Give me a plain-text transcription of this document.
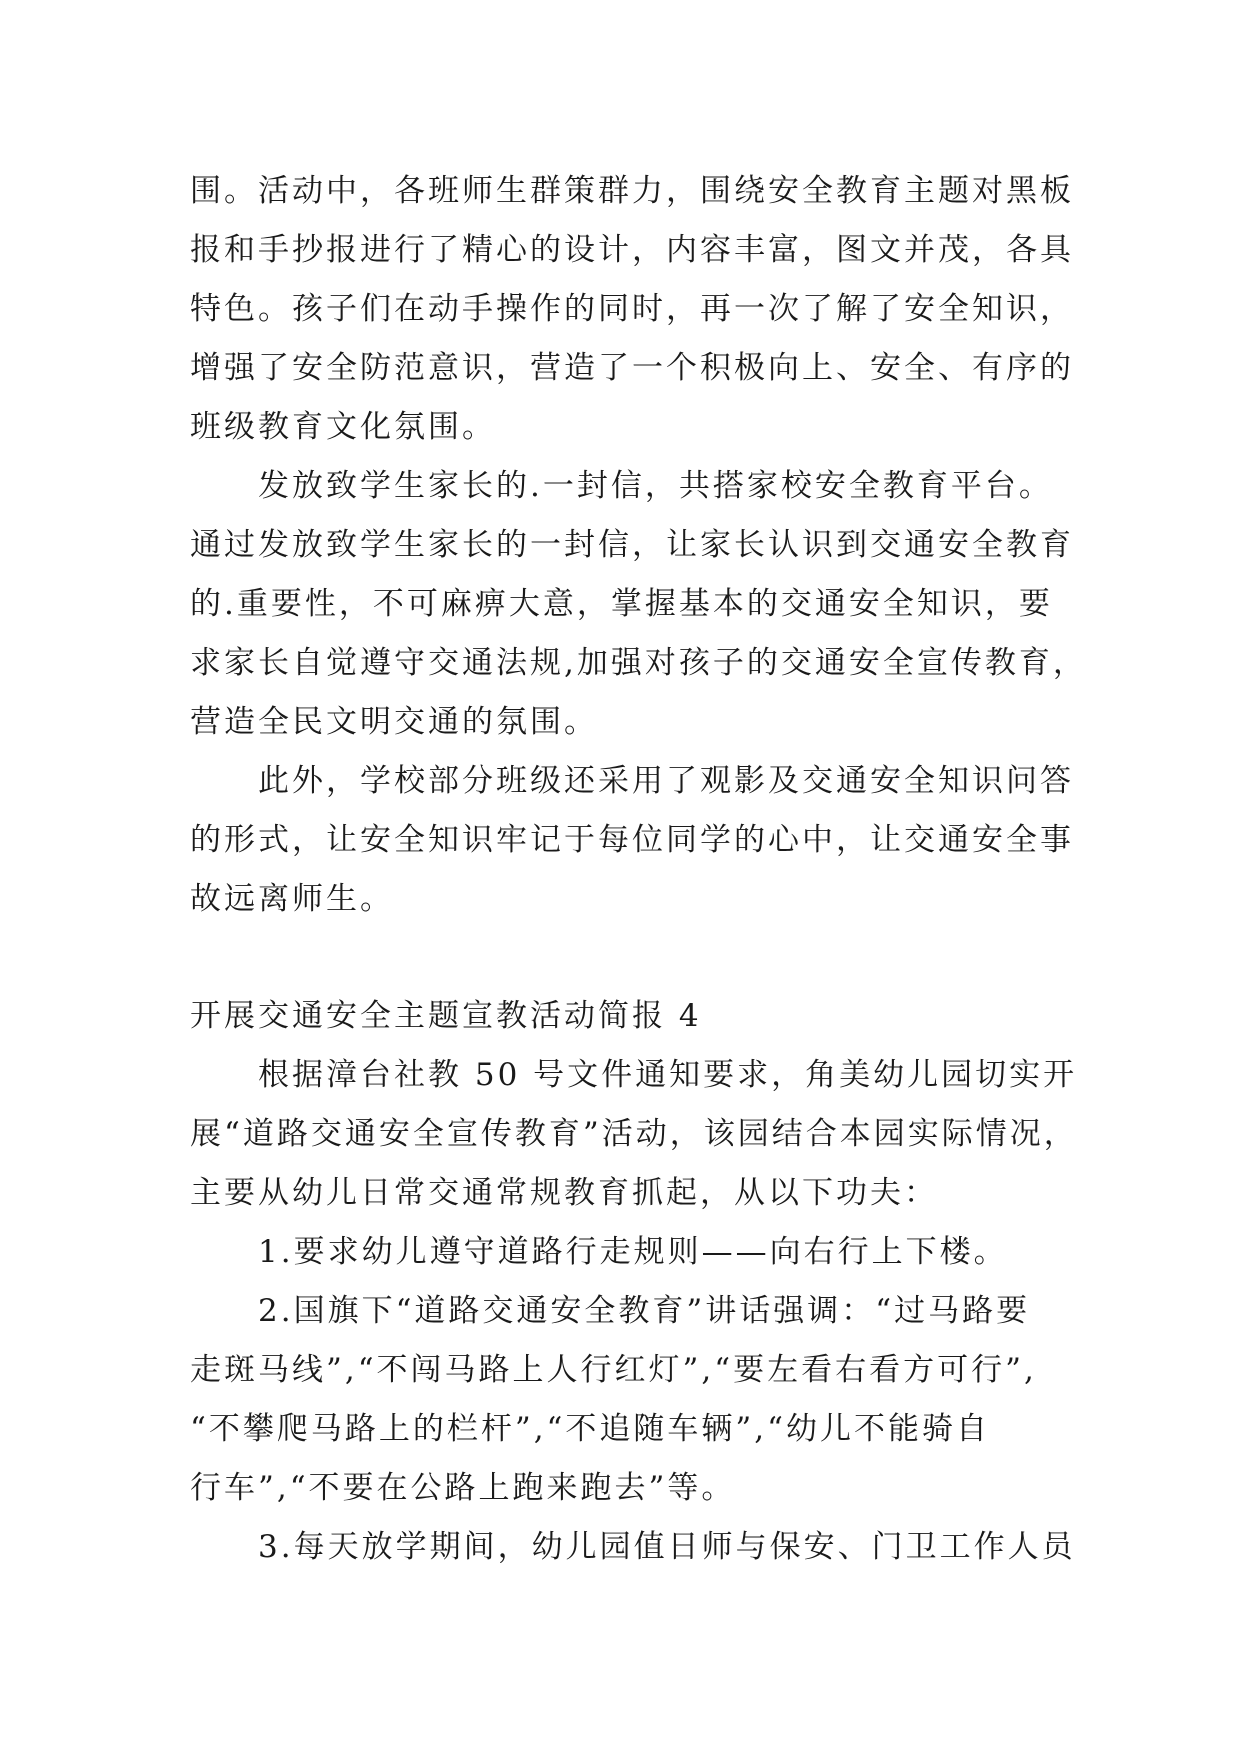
围。活动中，各班师生群策群力，围绕安全教育主题对黑板
报和手抄报进行了精心的设计，内容丰富，图文并茂，各具
特色。孩子们在动手操作的同时，再一次了解了安全知识，
增强了安全防范意识，营造了一个积极向上、安全、有序的
班级教育文化氛围。
发放致学生家长的.一封信，共搭家校安全教育平台。
通过发放致学生家长的一封信，让家长认识到交通安全教育
的.重要性，不可麻痹大意，掌握基本的交通安全知识，要
求家长自觉遵守交通法规,加强对孩子的交通安全宣传教育，
营造全民文明交通的氛围。
此外，学校部分班级还采用了观影及交通安全知识问答
的形式，让安全知识牢记于每位同学的心中，让交通安全事
故远离师生。
开展交通安全主题宣教活动简报 4
根据漳台社教 50 号文件通知要求，角美幼儿园切实开
展“道路交通安全宣传教育”活动，该园结合本园实际情况，
主要从幼儿日常交通常规教育抓起，从以下功夫：
1.要求幼儿遵守道路行走规则——向右行上下楼。
2.国旗下“道路交通安全教育”讲话强调：“过马路要
走斑马线”,“不闯马路上人行红灯”,“要左看右看方可行”,
“不攀爬马路上的栏杆”,“不追随车辆”,“幼儿不能骑自
行车”,“不要在公路上跑来跑去”等。
3.每天放学期间，幼儿园值日师与保安、门卫工作人员
